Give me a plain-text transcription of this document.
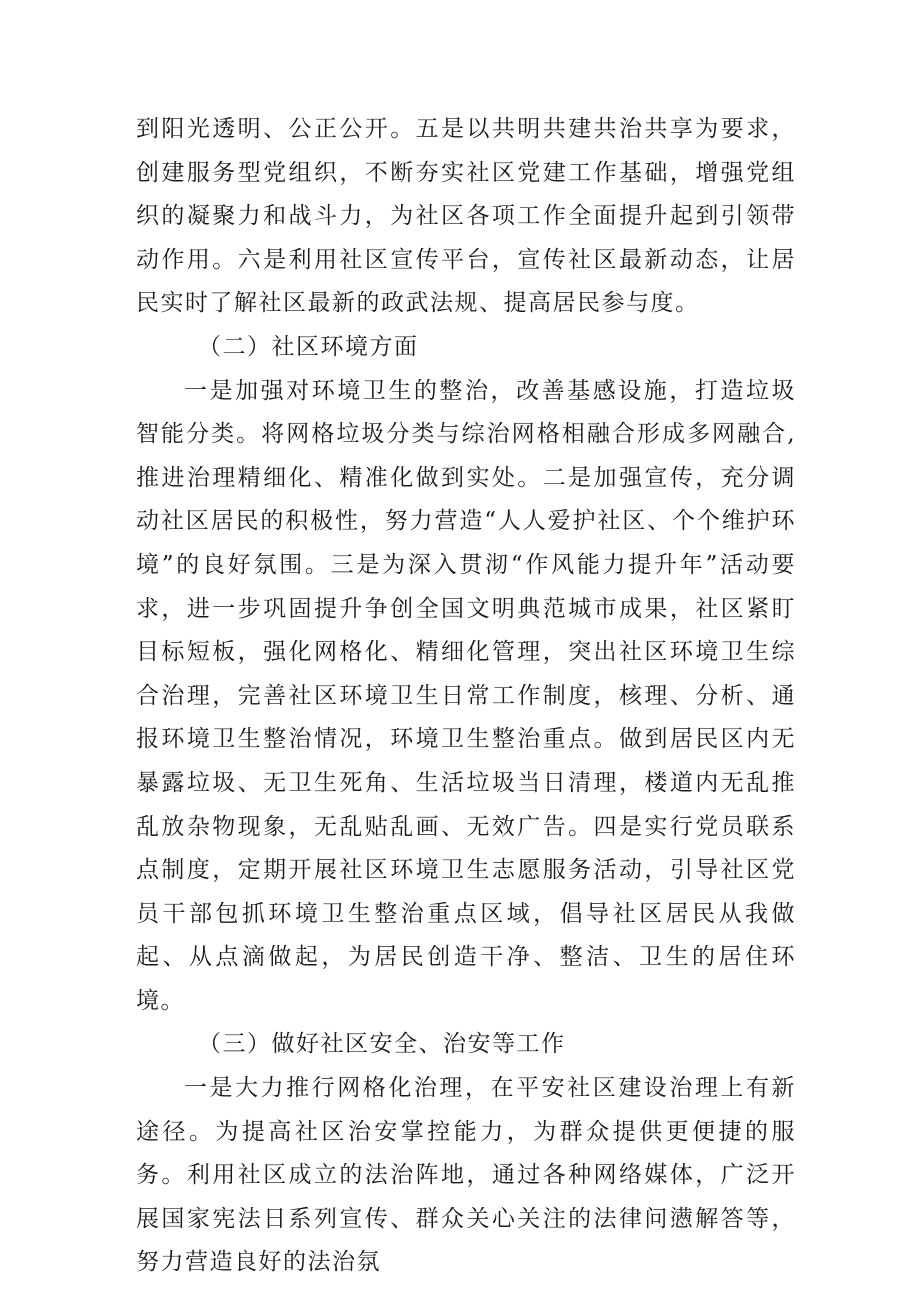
到阳光透明、公正公开。五是以共明共建共治共享为要求，创建服务型党组织，不断夯实社区党建工作基础，增强党组织的凝聚力和战斗力，为社区各项工作全面提升起到引领带动作用。六是利用社区宣传平台，宣传社区最新动态，让居民实时了解社区最新的政武法规、提高居民参与度。

（二）社区环境方面

一是加强对环境卫生的整治，改善基感设施，打造垃圾智能分类。将网格垃圾分类与综治网格相融合形成多网融合,推进治理精细化、精准化做到实处。二是加强宣传，充分调动社区居民的积极性，努力营造“人人爱护社区、个个维护环境”的良好氛围。三是为深入贯沏“作风能力提升年”活动要求，进一步巩固提升争创全国文明典范城市成果，社区紧盯目标短板，强化网格化、精细化管理，突出社区环境卫生综合治理，完善社区环境卫生日常工作制度，核理、分析、通报环境卫生整治情况，环境卫生整治重点。做到居民区内无暴露垃圾、无卫生死角、生活垃圾当日清理，楼道内无乱推乱放杂物现象，无乱贴乱画、无效广告。四是实行党员联系点制度，定期开展社区环境卫生志愿服务活动，引导社区党员干部包抓环境卫生整治重点区域，倡导社区居民从我做起、从点滴做起，为居民创造干净、整洁、卫生的居住环境。

（三）做好社区安全、治安等工作

一是大力推行网格化治理，在平安社区建设治理上有新途径。为提高社区治安掌控能力，为群众提供更便捷的服务。利用社区成立的法治阵地，通过各种网络媒体，广泛开展国家宪法日系列宣传、群众关心关注的法律问懑解答等，努力营造良好的法治氛
